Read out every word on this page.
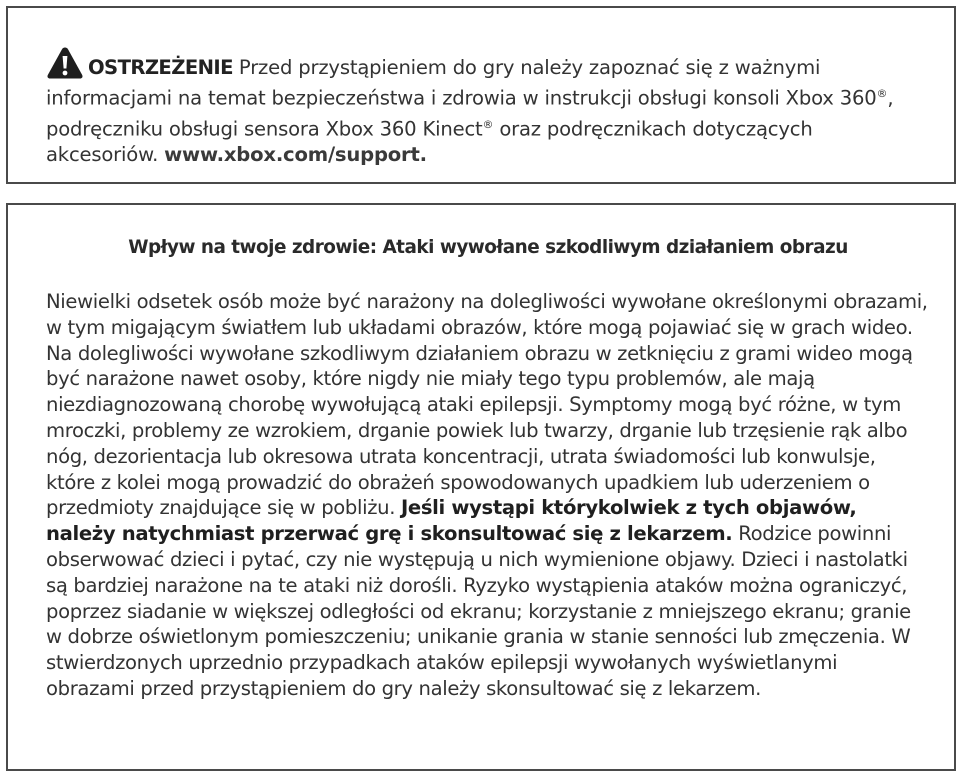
OSTRZEŻENIE Przed przystąpieniem do gry należy zapoznać się z ważnymi informacjami na temat bezpieczeństwa i zdrowia w instrukcji obsługi konsoli Xbox 360®, podręczniku obsługi sensora Xbox 360 Kinect® oraz podręcznikach dotyczących akcesoriów. www.xbox.com/support.
Wpływ na twoje zdrowie: Ataki wywołane szkodliwym działaniem obrazu
Niewielki odsetek osób może być narażony na dolegliwości wywołane określonymi obrazami, w tym migającym światłem lub układami obrazów, które mogą pojawiać się w grach wideo. Na dolegliwości wywołane szkodliwym działaniem obrazu w zetknięciu z grami wideo mogą być narażone nawet osoby, które nigdy nie miały tego typu problemów, ale mają niezdiagnozowaną chorobę wywołującą ataki epilepsji. Symptomy mogą być różne, w tym mroczki, problemy ze wzrokiem, drganie powiek lub twarzy, drganie lub trzęsienie rąk albo nóg, dezorientacja lub okresowa utrata koncentracji, utrata świadomości lub konwulsje, które z kolei mogą prowadzić do obrażeń spowodowanych upadkiem lub uderzeniem o przedmioty znajdujące się w pobliżu. Jeśli wystąpi którykolwiek z tych objawów, należy natychmiast przerwać grę i skonsultować się z lekarzem. Rodzice powinni obserwować dzieci i pytać, czy nie występują u nich wymienione objawy. Dzieci i nastolatki są bardziej narażone na te ataki niż dorośli. Ryzyko wystąpienia ataków można ograniczyć, poprzez siadanie w większej odległości od ekranu; korzystanie z mniejszego ekranu; granie w dobrze oświetlonym pomieszczeniu; unikanie grania w stanie senności lub zmęczenia. W stwierdzonych uprzednio przypadkach ataków epilepsji wywołanych wyświetlanymi obrazami przed przystąpieniem do gry należy skonsultować się z lekarzem.
